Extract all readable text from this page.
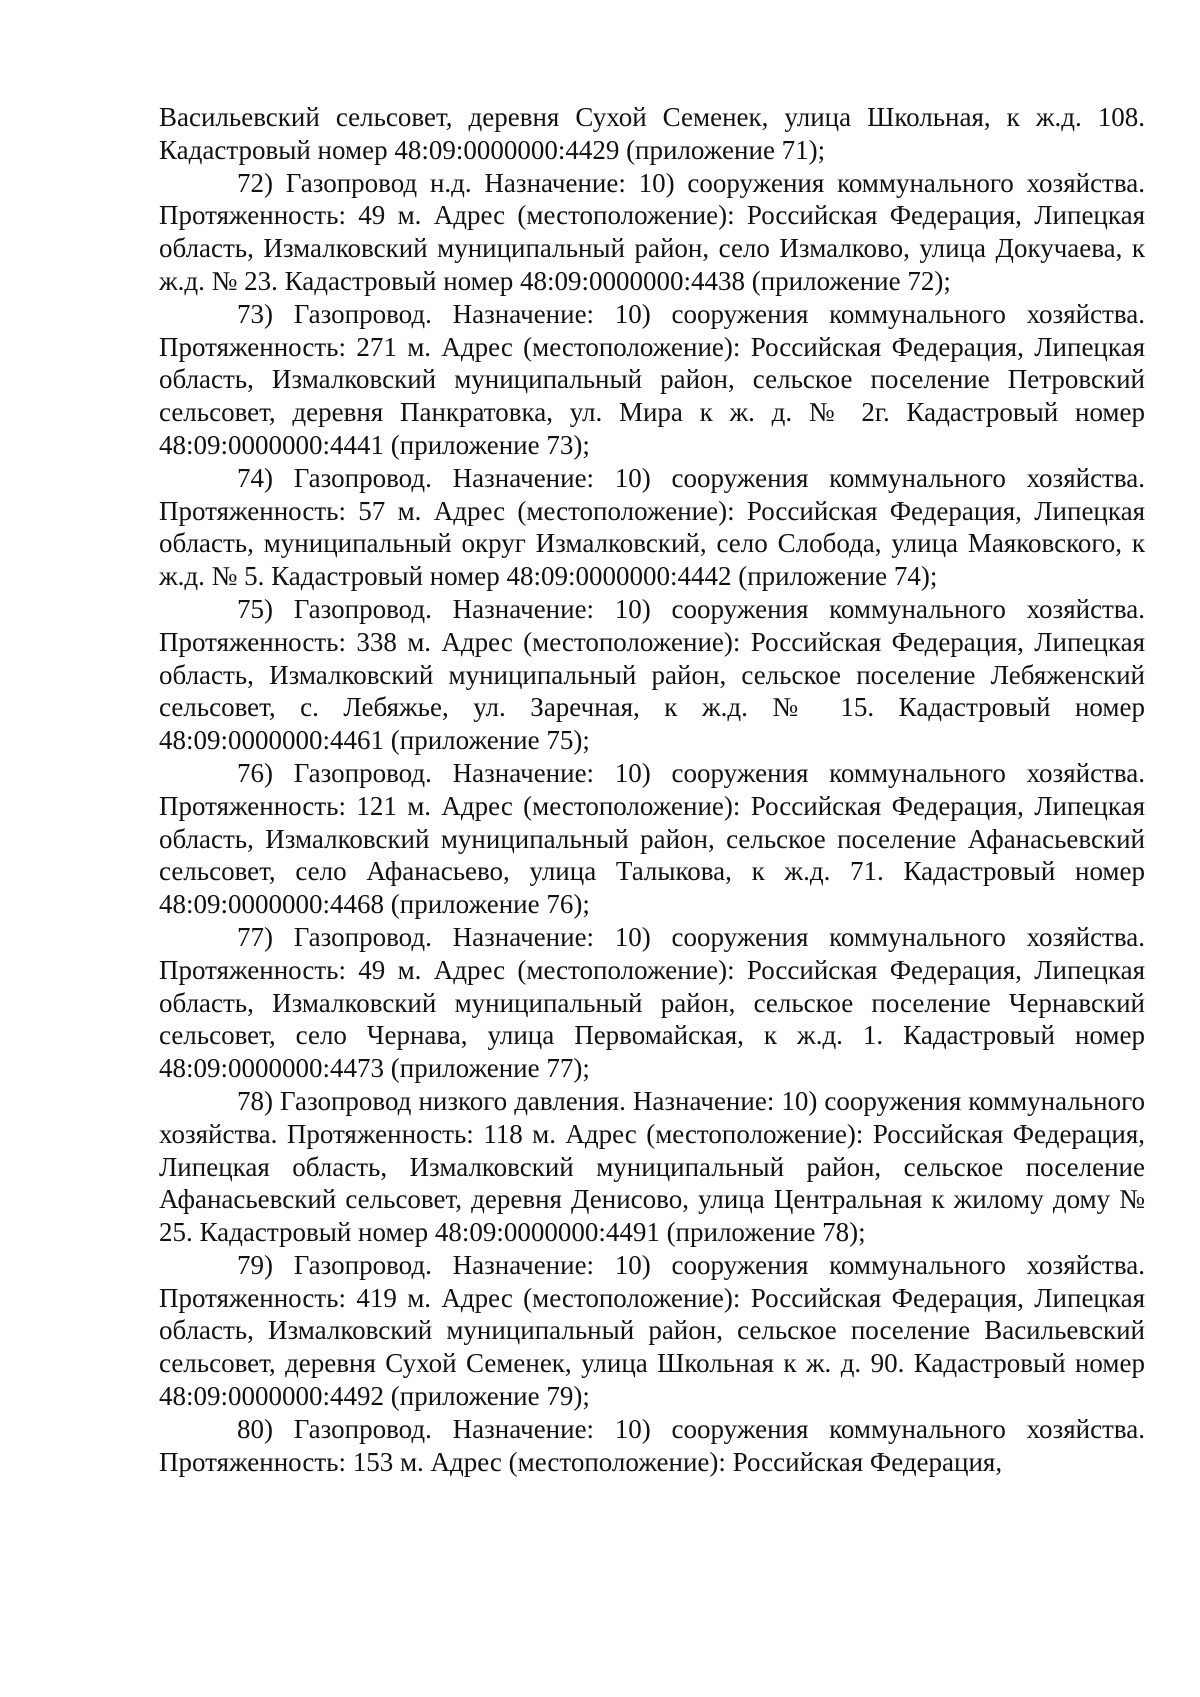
Васильевский сельсовет, деревня Сухой Семенек, улица Школьная, к ж.д. 108. Кадастровый номер 48:09:0000000:4429 (приложение 71);

72) Газопровод н.д. Назначение: 10) сооружения коммунального хозяйства. Протяженность: 49 м. Адрес (местоположение): Российская Федерация, Липецкая область, Измалковский муниципальный район, село Измалково, улица Докучаева, к ж.д. № 23. Кадастровый номер 48:09:0000000:4438 (приложение 72);

73) Газопровод. Назначение: 10) сооружения коммунального хозяйства. Протяженность: 271 м. Адрес (местоположение): Российская Федерация, Липецкая область, Измалковский муниципальный район, сельское поселение Петровский сельсовет, деревня Панкратовка, ул. Мира к ж. д. № 2г. Кадастровый номер 48:09:0000000:4441 (приложение 73);

74) Газопровод. Назначение: 10) сооружения коммунального хозяйства. Протяженность: 57 м. Адрес (местоположение): Российская Федерация, Липецкая область, муниципальный округ Измалковский, село Слобода, улица Маяковского, к ж.д. № 5. Кадастровый номер 48:09:0000000:4442 (приложение 74);

75) Газопровод. Назначение: 10) сооружения коммунального хозяйства. Протяженность: 338 м. Адрес (местоположение): Российская Федерация, Липецкая область, Измалковский муниципальный район, сельское поселение Лебяженский сельсовет, с. Лебяжье, ул. Заречная, к ж.д. № 15. Кадастровый номер 48:09:0000000:4461 (приложение 75);

76) Газопровод. Назначение: 10) сооружения коммунального хозяйства. Протяженность: 121 м. Адрес (местоположение): Российская Федерация, Липецкая область, Измалковский муниципальный район, сельское поселение Афанасьевский сельсовет, село Афанасьево, улица Талыкова, к ж.д. 71. Кадастровый номер 48:09:0000000:4468 (приложение 76);

77) Газопровод. Назначение: 10) сооружения коммунального хозяйства. Протяженность: 49 м. Адрес (местоположение): Российская Федерация, Липецкая область, Измалковский муниципальный район, сельское поселение Чернавский сельсовет, село Чернава, улица Первомайская, к ж.д. 1. Кадастровый номер 48:09:0000000:4473 (приложение 77);

78) Газопровод низкого давления. Назначение: 10) сооружения коммунального хозяйства. Протяженность: 118 м. Адрес (местоположение): Российская Федерация, Липецкая область, Измалковский муниципальный район, сельское поселение Афанасьевский сельсовет, деревня Денисово, улица Центральная к жилому дому № 25. Кадастровый номер 48:09:0000000:4491 (приложение 78);

79) Газопровод. Назначение: 10) сооружения коммунального хозяйства. Протяженность: 419 м. Адрес (местоположение): Российская Федерация, Липецкая область, Измалковский муниципальный район, сельское поселение Васильевский сельсовет, деревня Сухой Семенек, улица Школьная к ж. д. 90. Кадастровый номер 48:09:0000000:4492 (приложение 79);

80) Газопровод. Назначение: 10) сооружения коммунального хозяйства. Протяженность: 153 м. Адрес (местоположение): Российская Федерация,
